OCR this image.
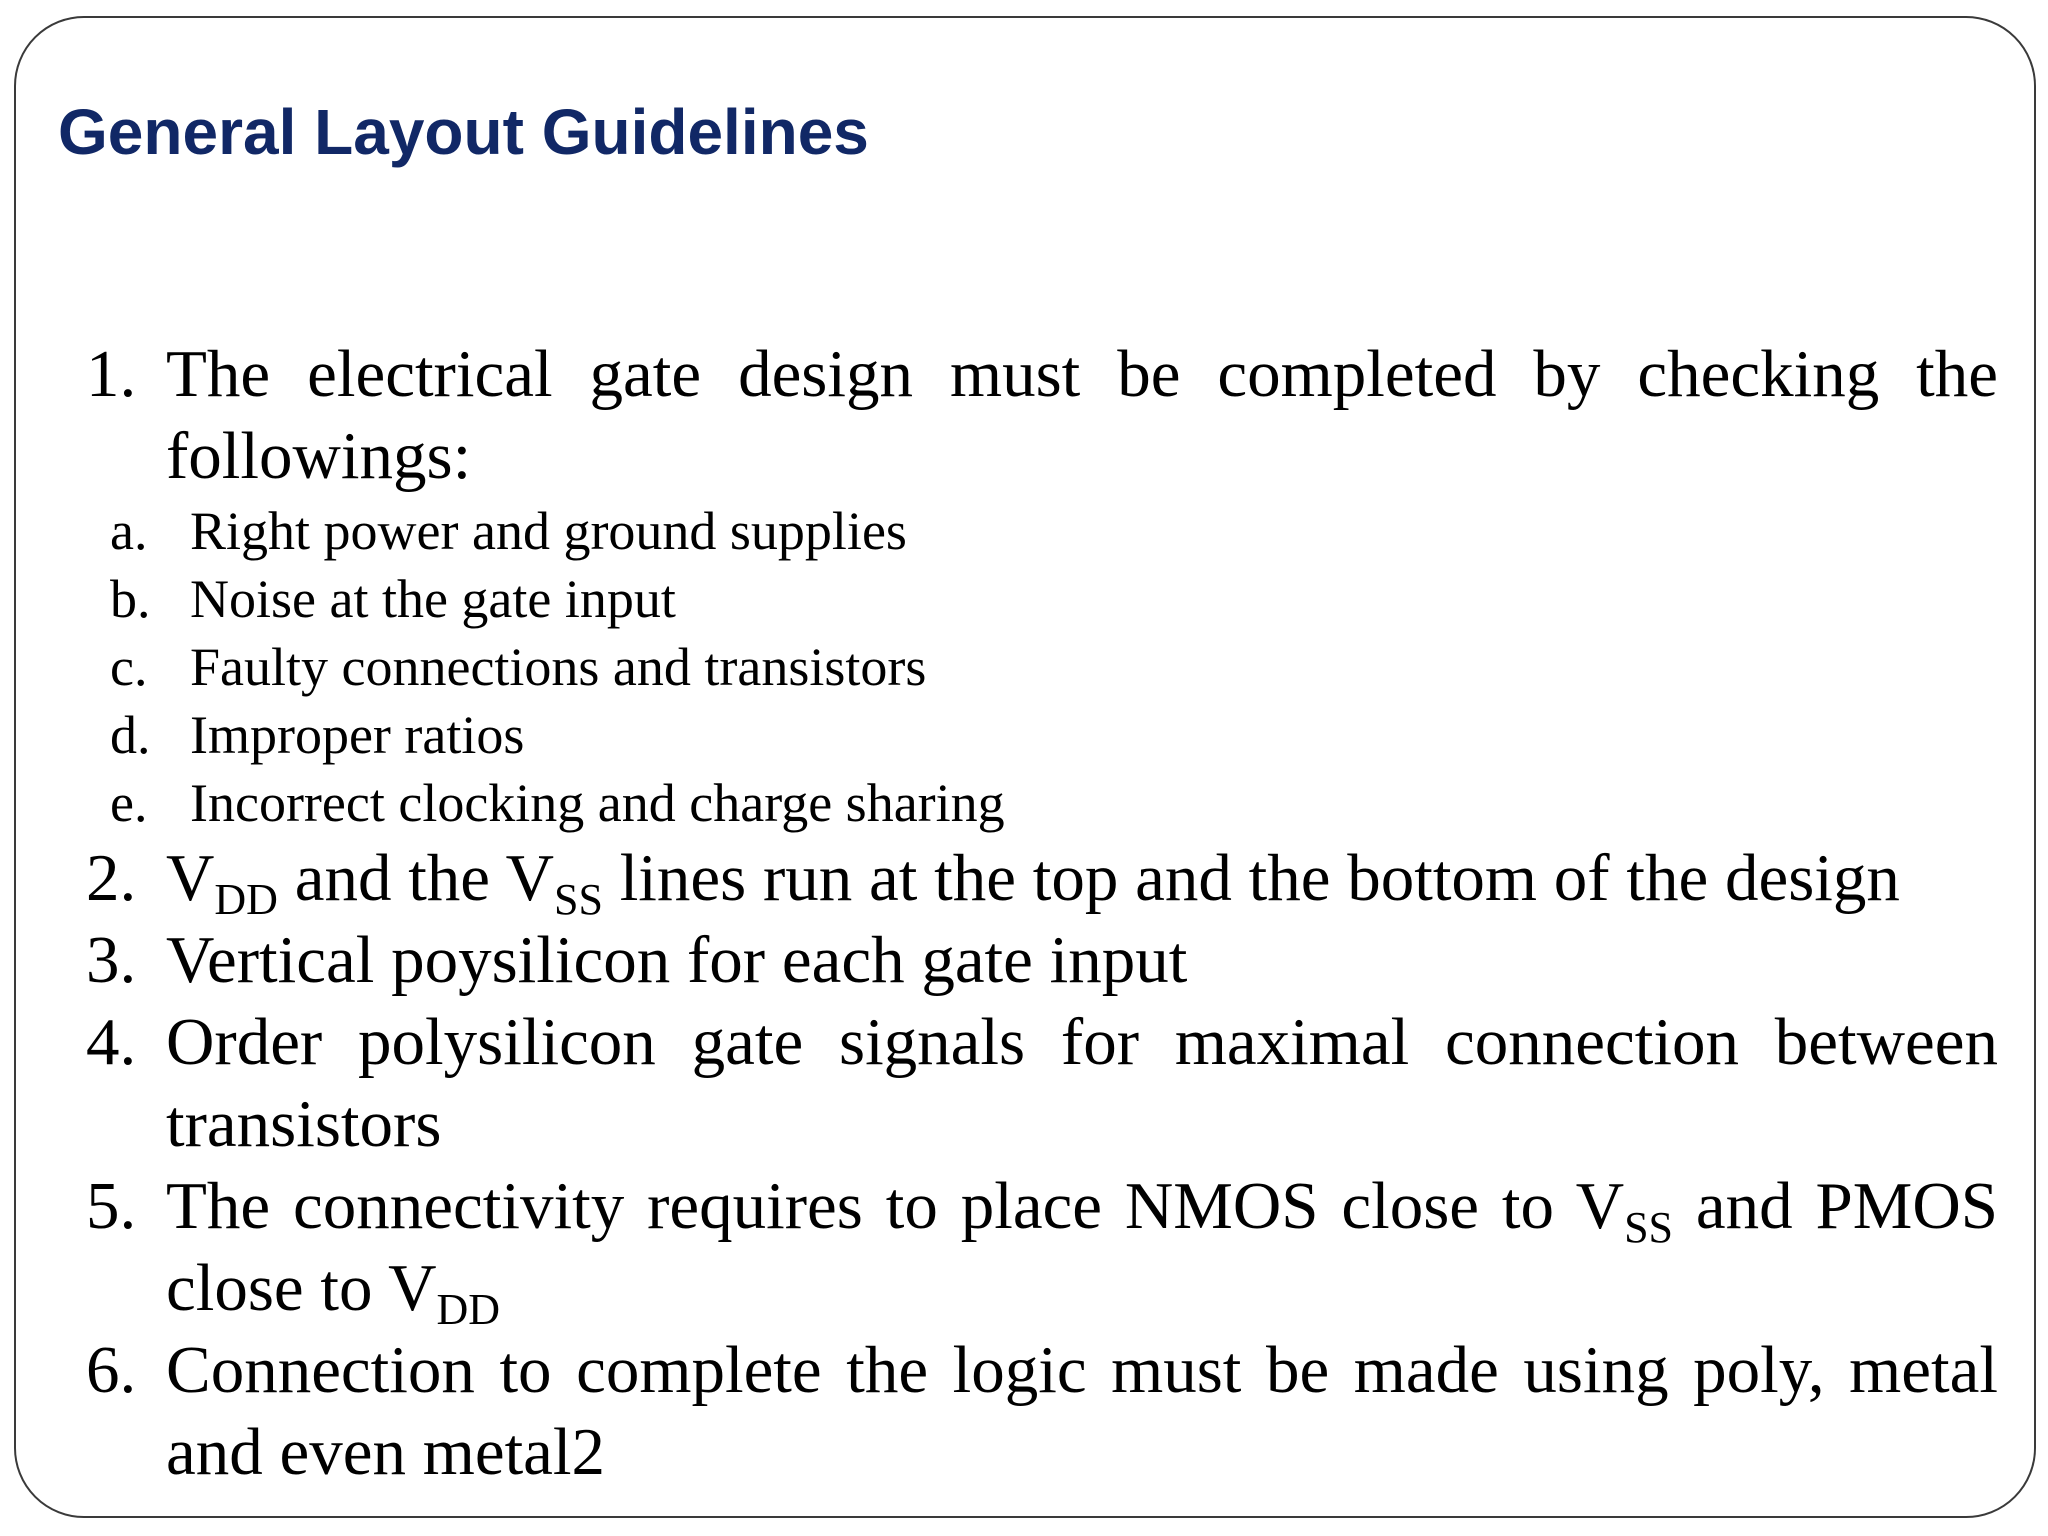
General Layout Guidelines
1. The electrical gate design must be completed by checking the followings:
a. Right power and ground supplies
b. Noise at the gate input
c. Faulty connections and transistors
d. Improper ratios
e. Incorrect clocking and charge sharing
2. $V_{DD}$ and the $V_{SS}$ lines run at the top and the bottom of the design
3. Vertical poysilicon for each gate input
4. Order polysilicon gate signals for maximal connection between transistors
5. The connectivity requires to place NMOS close to $V_{SS}$ and PMOS close to $V_{DD}$
6. Connection to complete the logic must be made using poly, metal and even metal2
